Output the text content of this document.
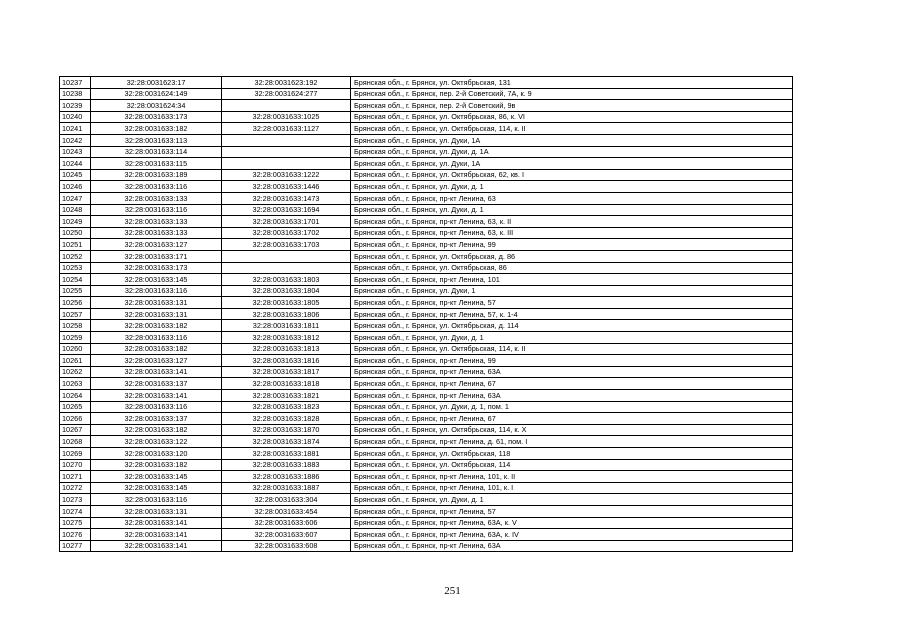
10237	32:28:0031623:17	32:28:0031623:192	Брянская обл., г. Брянск, ул. Октябрьская, 131
10238	32:28:0031624:149	32:28:0031624:277	Брянская обл., г. Брянск, пер. 2-й Советский, 7А, к. 9
10239	32:28:0031624:34		Брянская обл., г. Брянск, пер. 2-й Советский, 9в
10240	32:28:0031633:173	32:28:0031633:1025	Брянская обл., г. Брянск, ул. Октябрьская, 86, к. VI
10241	32:28:0031633:182	32:28:0031633:1127	Брянская обл., г. Брянск, ул. Октябрьская, 114, к. II
10242	32:28:0031633:113		Брянская обл., г. Брянск, ул. Дуки, 1А
10243	32:28:0031633:114		Брянская обл., г. Брянск, ул. Дуки, д. 1А
10244	32:28:0031633:115		Брянская обл., г. Брянск, ул. Дуки, 1А
10245	32:28:0031633:189	32:28:0031633:1222	Брянская обл., г. Брянск, ул. Октябрьская, 62, кв. I
10246	32:28:0031633:116	32:28:0031633:1446	Брянская обл., г. Брянск, ул. Дуки, д. 1
10247	32:28:0031633:133	32:28:0031633:1473	Брянская обл., г. Брянск, пр-кт Ленина, 63
10248	32:28:0031633:116	32:28:0031633:1694	Брянская обл., г. Брянск, ул. Дуки, д. 1
10249	32:28:0031633:133	32:28:0031633:1701	Брянская обл., г. Брянск, пр-кт Ленина, 63, к. II
10250	32:28:0031633:133	32:28:0031633:1702	Брянская обл., г. Брянск, пр-кт Ленина, 63, к. III
10251	32:28:0031633:127	32:28:0031633:1703	Брянская обл., г. Брянск, пр-кт Ленина, 99
10252	32:28:0031633:171		Брянская обл., г. Брянск, ул. Октябрьская, д. 86
10253	32:28:0031633:173		Брянская обл., г. Брянск, ул. Октябрьская, 86
10254	32:28:0031633:145	32:28:0031633:1803	Брянская обл., г. Брянск, пр-кт Ленина, 101
10255	32:28:0031633:116	32:28:0031633:1804	Брянская обл., г. Брянск, ул. Дуки, 1
10256	32:28:0031633:131	32:28:0031633:1805	Брянская обл., г. Брянск, пр-кт Ленина, 57
10257	32:28:0031633:131	32:28:0031633:1806	Брянская обл., г. Брянск, пр-кт Ленина, 57, к. 1-4
10258	32:28:0031633:182	32:28:0031633:1811	Брянская обл., г. Брянск, ул. Октябрьская, д. 114
10259	32:28:0031633:116	32:28:0031633:1812	Брянская обл., г. Брянск, ул. Дуки, д. 1
10260	32:28:0031633:182	32:28:0031633:1813	Брянская обл., г. Брянск, ул. Октябрьская, 114, к. II
10261	32:28:0031633:127	32:28:0031633:1816	Брянская обл., г. Брянск, пр-кт Ленина, 99
10262	32:28:0031633:141	32:28:0031633:1817	Брянская обл., г. Брянск, пр-кт Ленина, 63А
10263	32:28:0031633:137	32:28:0031633:1818	Брянская обл., г. Брянск, пр-кт Ленина, 67
10264	32:28:0031633:141	32:28:0031633:1821	Брянская обл., г. Брянск, пр-кт Ленина, 63А
10265	32:28:0031633:116	32:28:0031633:1823	Брянская обл., г. Брянск, ул. Дуки, д. 1, пом. 1
10266	32:28:0031633:137	32:28:0031633:1828	Брянская обл., г. Брянск, пр-кт Ленина, 67
10267	32:28:0031633:182	32:28:0031633:1870	Брянская обл., г. Брянск, ул. Октябрьская, 114, к. X
10268	32:28:0031633:122	32:28:0031633:1874	Брянская обл., г. Брянск, пр-кт Ленина, д. 61, пом. I
10269	32:28:0031633:120	32:28:0031633:1881	Брянская обл., г. Брянск, ул. Октябрьская, 118
10270	32:28:0031633:182	32:28:0031633:1883	Брянская обл., г. Брянск, ул. Октябрьская, 114
10271	32:28:0031633:145	32:28:0031633:1886	Брянская обл., г. Брянск, пр-кт Ленина, 101, к. II
10272	32:28:0031633:145	32:28:0031633:1887	Брянская обл., г. Брянск, пр-кт Ленина, 101, к. I
10273	32:28:0031633:116	32:28:0031633:304	Брянская обл., г. Брянск, ул. Дуки, д. 1
10274	32:28:0031633:131	32:28:0031633:454	Брянская обл., г. Брянск, пр-кт Ленина, 57
10275	32:28:0031633:141	32:28:0031633:606	Брянская обл., г. Брянск, пр-кт Ленина, 63А, к. V
10276	32:28:0031633:141	32:28:0031633:607	Брянская обл., г. Брянск, пр-кт Ленина, 63А, к. IV
10277	32:28:0031633:141	32:28:0031633:608	Брянская обл., г. Брянск, пр-кт Ленина, 63А
251
